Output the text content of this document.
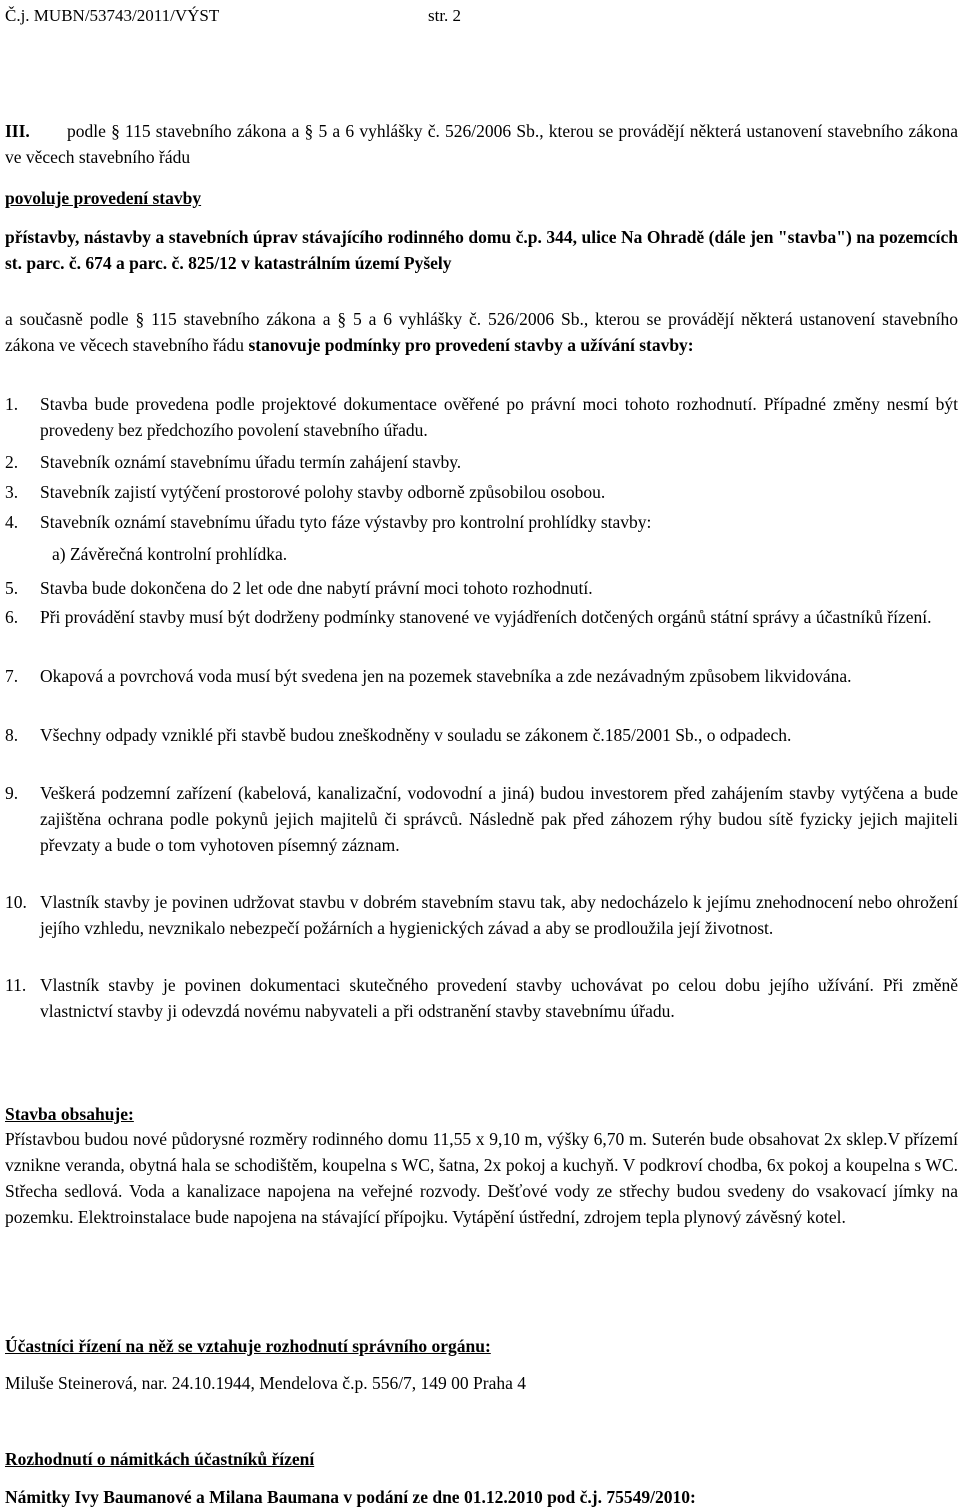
Č.j. MUBN/53743/2011/VÝST	str. 2
III. podle § 115 stavebního zákona a § 5 a 6 vyhlášky č. 526/2006 Sb., kterou se provádějí některá ustanovení stavebního zákona ve věcech stavebního řádu
povoluje provedení stavby
přístavby, nástavby a stavebních úprav stávajícího rodinného domu č.p. 344, ulice Na Ohradě (dále jen "stavba") na pozemcích st. parc. č. 674 a parc. č. 825/12 v katastrálním území Pyšely
a současně podle § 115 stavebního zákona a § 5 a 6 vyhlášky č. 526/2006 Sb., kterou se provádějí některá ustanovení stavebního zákona ve věcech stavebního řádu stanovuje podmínky pro provedení stavby a užívání stavby:
1. Stavba bude provedena podle projektové dokumentace ověřené po právní moci tohoto rozhodnutí. Případné změny nesmí být provedeny bez předchozího povolení stavebního úřadu.
2. Stavebník oznámí stavebnímu úřadu termín zahájení stavby.
3. Stavebník zajistí vytýčení prostorové polohy stavby odborně způsobilou osobou.
4. Stavebník oznámí stavebnímu úřadu tyto fáze výstavby pro kontrolní prohlídky stavby:
a) Závěrečná kontrolní prohlídka.
5. Stavba bude dokončena do 2 let ode dne nabytí právní moci tohoto rozhodnutí.
6. Při provádění stavby musí být dodrženy podmínky stanovené ve vyjádřeních dotčených orgánů státní správy a účastníků řízení.
7. Okapová a povrchová voda musí být svedena jen na pozemek stavebníka a zde nezávadným způsobem likvidována.
8. Všechny odpady vzniklé při stavbě budou zneškodněny v souladu se zákonem č.185/2001 Sb., o odpadech.
9. Veškerá podzemní zařízení (kabelová, kanalizační, vodovodní a jiná) budou investorem před zahájením stavby vytýčena a bude zajištěna ochrana podle pokynů jejich majitelů či správců. Následně pak před záhozem rýhy budou sítě fyzicky jejich majiteli převzaty a bude o tom vyhotoven písemný záznam.
10. Vlastník stavby je povinen udržovat stavbu v dobrém stavebním stavu tak, aby nedocházelo k jejímu znehodnocení nebo ohrožení jejího vzhledu, nevznikalo nebezpečí požárních a hygienických závad a aby se prodloužila její životnost.
11. Vlastník stavby je povinen dokumentaci skutečného provedení stavby uchovávat po celou dobu jejího užívání. Při změně vlastnictví stavby ji odevzdá novému nabyvateli a při odstranění stavby stavebnímu úřadu.
Stavba obsahuje:
Přístavbou budou nové půdorysné rozměry rodinného domu 11,55 x 9,10 m, výšky 6,70 m. Suterén bude obsahovat 2x sklep.V přízemí vznikne veranda, obytná hala se schodištěm, koupelna s WC, šatna, 2x pokoj a kuchyň. V podkroví chodba, 6x pokoj a koupelna s WC. Střecha sedlová. Voda a kanalizace napojena na veřejné rozvody. Dešťové vody ze střechy budou svedeny do vsakovací jímky na pozemku. Elektroinstalace bude napojena na stávající přípojku. Vytápění ústřední, zdrojem tepla plynový závěsný kotel.
Účastníci řízení na něž se vztahuje rozhodnutí správního orgánu:
Miluše Steinerová, nar. 24.10.1944, Mendelova č.p. 556/7, 149 00 Praha 4
Rozhodnutí o námitkách účastníků řízení
Námitky Ivy Baumanové a Milana Baumana v podání ze dne 01.12.2010 pod č.j. 75549/2010:
